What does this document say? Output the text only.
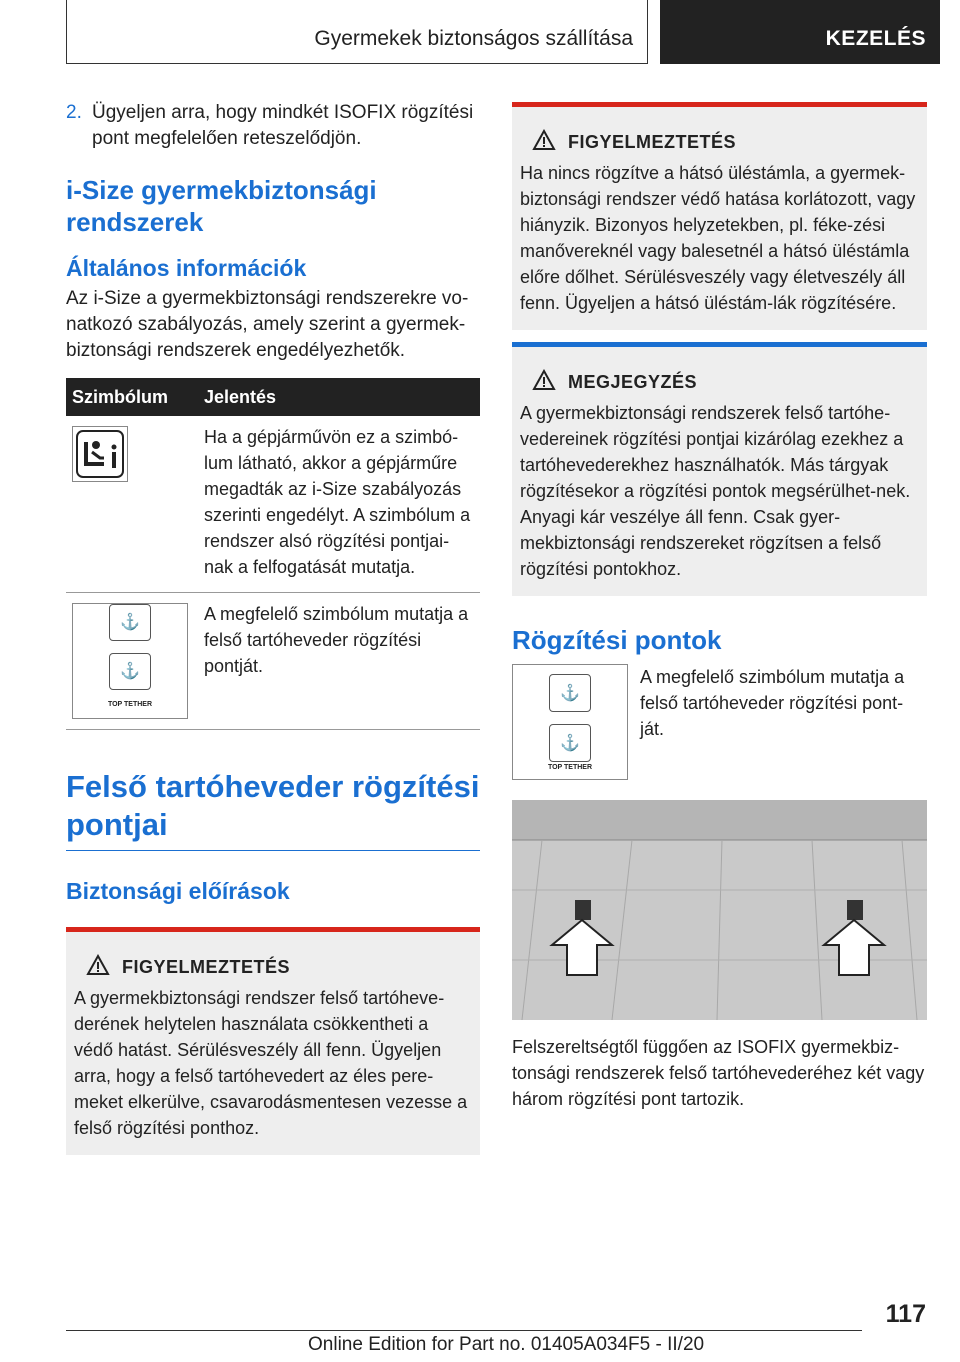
Gyermekek biztonságos szállítása	KEZELÉS
2. Ügyeljen arra, hogy mindkét ISOFIX rögzítési pont megfelelően reteszelődjön.
i-Size gyermekbiztonsági rendszerek
Általános információk

Az i-Size a gyermekbiztonsági rendszerekre vo-natkozó szabályozás, amely szerint a gyermek-biztonsági rendszerek engedélyezhetők.

Szimbólum	Jelentés

	Ha a gépjárművön ez a szimbó-lum látható, akkor a gépjárműre megadták az i-Size szabályozás szerinti engedélyt. A szimbólum a rendszer alsó rögzítési pontjai-nak a felfogatását mutatja.

⚓
⚓
TOP TETHER	A megfelelő szimbólum mutatja a felső tartóheveder rögzítési pontját.
Felső tartóheveder rögzítési pontjai
Biztonsági előírások
FIGYELMEZTETÉS
A gyermekbiztonsági rendszer felső tartóheve-derének helytelen használata csökkentheti a védő hatást. Sérülésveszély áll fenn. Ügyeljen arra, hogy a felső tartóhevedert az éles pere-meket elkerülve, csavarodásmentesen vezesse a felső rögzítési ponthoz.
FIGYELMEZTETÉS
Ha nincs rögzítve a hátsó üléstámla, a gyermek-biztonsági rendszer védő hatása korlátozott, vagy hiányzik. Bizonyos helyzetekben, pl. féke-zési manővereknél vagy balesetnél a hátsó üléstámla előre dőlhet. Sérülésveszély vagy életveszély áll fenn. Ügyeljen a hátsó üléstám-lák rögzítésére.
MEGJEGYZÉS
A gyermekbiztonsági rendszerek felső tartóhe-vedereinek rögzítési pontjai kizárólag ezekhez a tartóhevederekhez használhatók. Más tárgyak rögzítésekor a rögzítési pontok megsérülhet-nek. Anyagi kár veszélye áll fenn. Csak gyer-mekbiztonsági rendszereket rögzítsen a felső rögzítési pontokhoz.
Rögzítési pontok
⚓
⚓
TOP TETHER

A megfelelő szimbólum mutatja a felső tartóheveder rögzítési pont-ját.

Felszereltségtől függően az ISOFIX gyermekbiz-tonsági rendszerek felső tartóhevederéhez két vagy három rögzítési pont tartozik.

117
Online Edition for Part no. 01405A034F5 - II/20
